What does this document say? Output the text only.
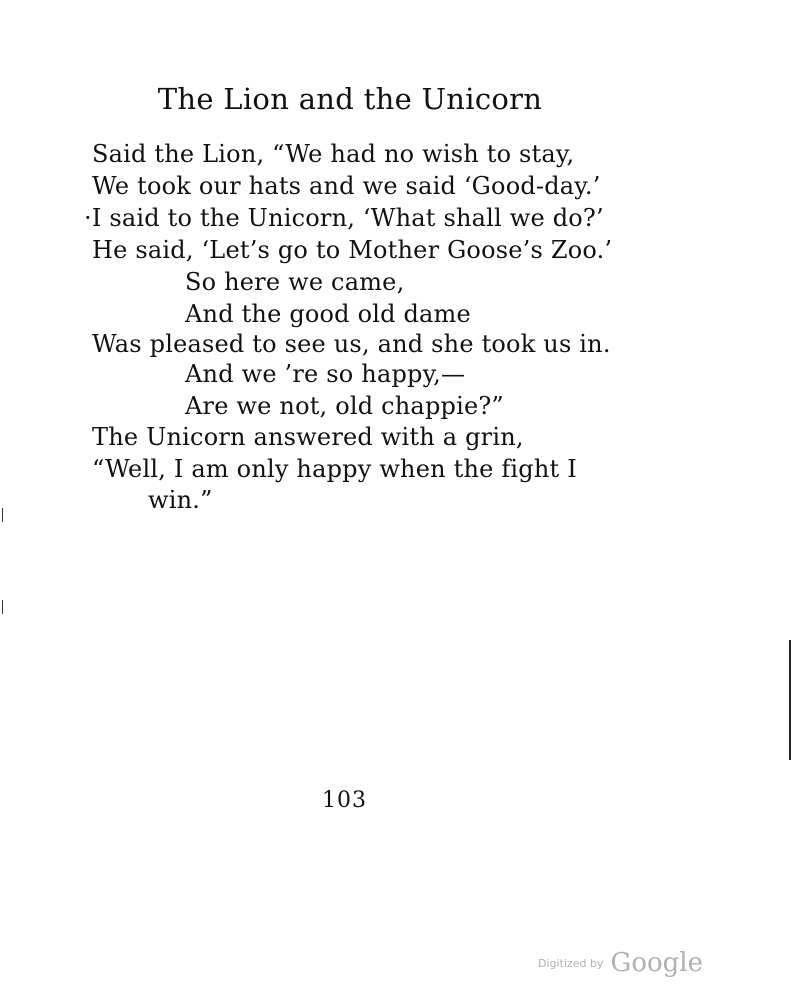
The Lion and the Unicorn
Said the Lion, “We had no wish to stay,
We took our hats and we said ‘Good-day.’
·I said to the Unicorn, ‘What shall we do?’
He said, ‘Let’s go to Mother Goose’s Zoo.’
So here we came,
And the good old dame
Was pleased to see us, and she took us in.
And we ’re so happy,—
Are we not, old chappie?”
The Unicorn answered with a grin,
“Well, I am only happy when the fight I
win.”
103
$^{Digitized by}$ Google
